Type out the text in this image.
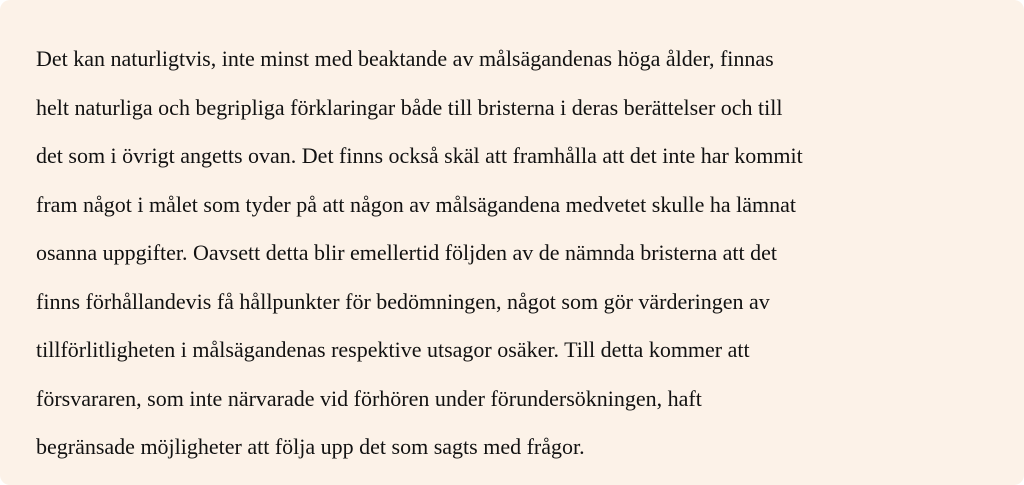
Det kan naturligtvis, inte minst med beaktande av målsägandenas höga ålder, finnas
helt naturliga och begripliga förklaringar både till bristerna i deras berättelser och till
det som i övrigt angetts ovan. Det finns också skäl att framhålla att det inte har kommit
fram något i målet som tyder på att någon av målsägandena medvetet skulle ha lämnat
osanna uppgifter. Oavsett detta blir emellertid följden av de nämnda bristerna att det
finns förhållandevis få hållpunkter för bedömningen, något som gör värderingen av
tillförlitligheten i målsägandenas respektive utsagor osäker. Till detta kommer att
försvararen, som inte närvarade vid förhören under förundersökningen, haft
begränsade möjligheter att följa upp det som sagts med frågor.
